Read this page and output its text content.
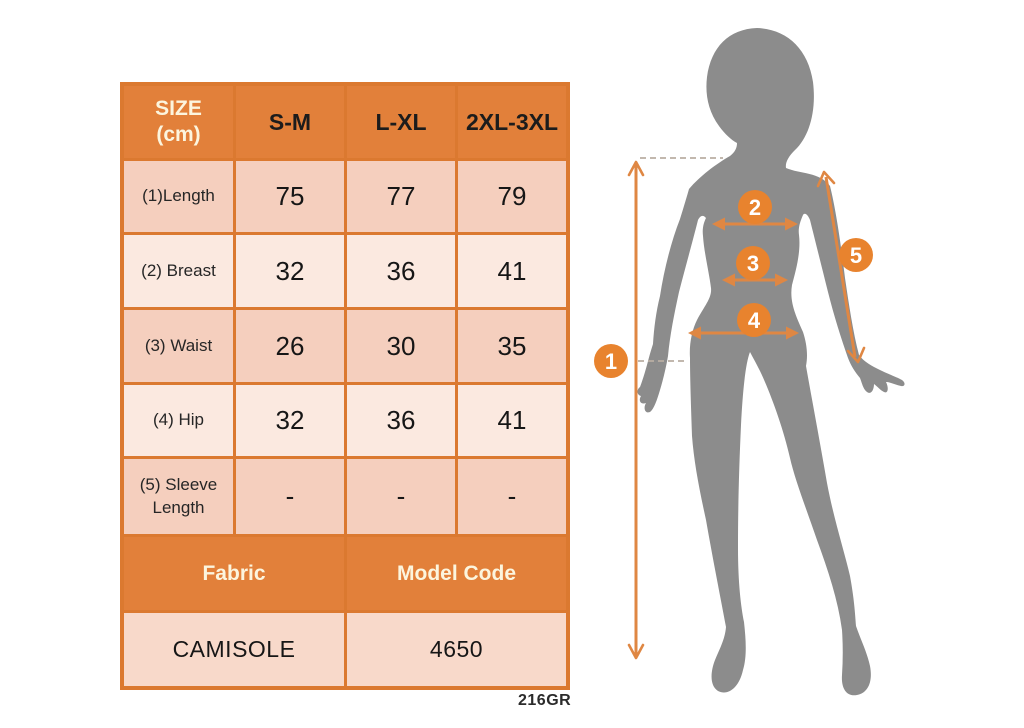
SIZE
(cm)	S-M	L-XL	2XL-3XL
(1)Length	75	77	79
(2) Breast	32	36	41
(3) Waist	26	30	35
(4) Hip	32	36	41
(5) Sleeve Length	-	-	-
Fabric	Model Code
CAMISOLE	4650
216GR
1
2
3
4
5
